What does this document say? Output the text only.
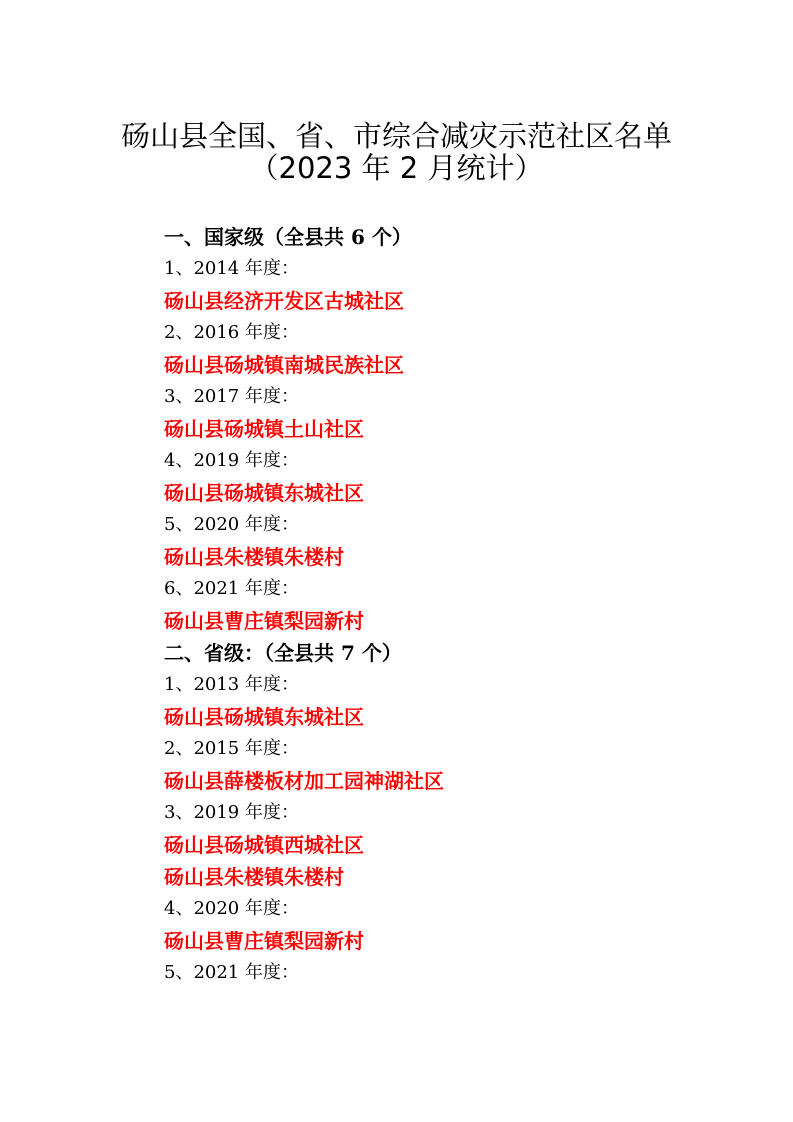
砀山县全国、省、市综合减灾示范社区名单
（2023 年 2 月统计）
一、国家级（全县共 6 个）
1、2014 年度：
砀山县经济开发区古城社区
2、2016 年度：
砀山县砀城镇南城民族社区
3、2017 年度：
砀山县砀城镇土山社区
4、2019 年度：
砀山县砀城镇东城社区
5、2020 年度：
砀山县朱楼镇朱楼村
6、2021 年度：
砀山县曹庄镇梨园新村
二、省级：（全县共 7 个）
1、2013 年度：
砀山县砀城镇东城社区
2、2015 年度：
砀山县薛楼板材加工园神湖社区
3、2019 年度：
砀山县砀城镇西城社区
砀山县朱楼镇朱楼村
4、2020 年度：
砀山县曹庄镇梨园新村
5、2021 年度：
